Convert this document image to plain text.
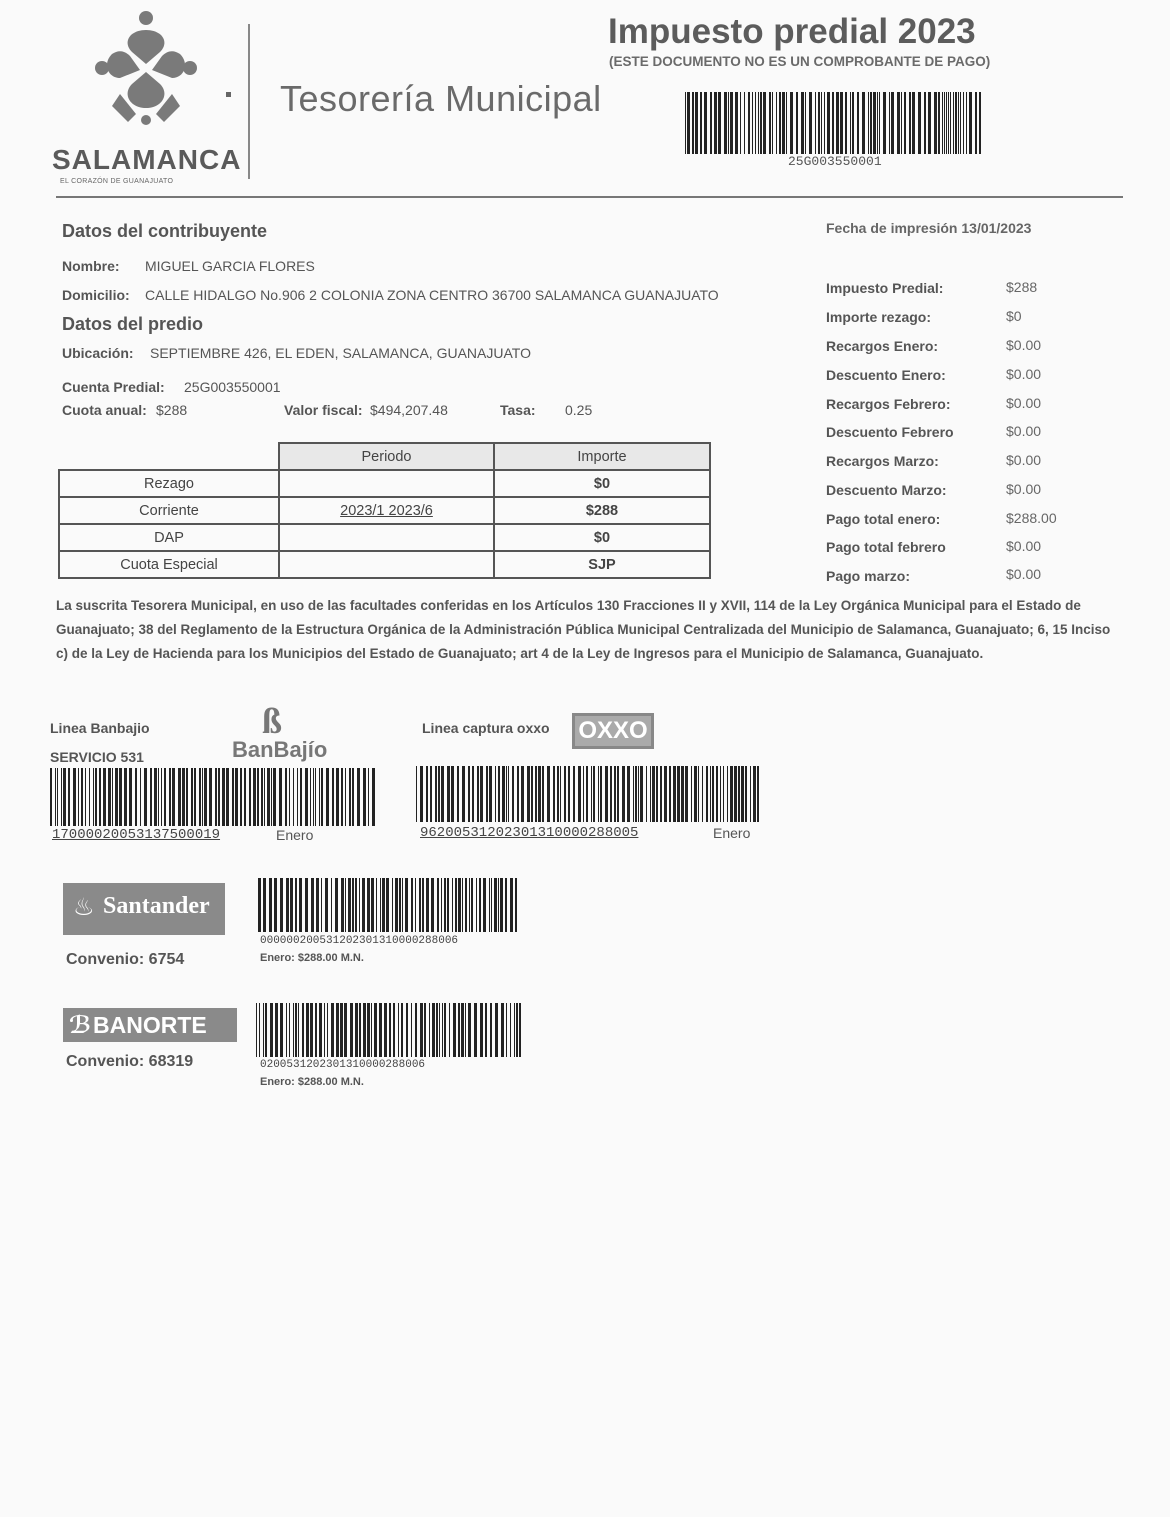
SALAMANCA
EL CORAZÓN DE GUANAJUATO
Tesorería Municipal
Impuesto predial 2023
(ESTE DOCUMENTO NO ES UN COMPROBANTE DE PAGO)
25G003550001
Datos del contribuyente
Nombre: MIGUEL GARCIA FLORES
Domicilio: CALLE HIDALGO No.906 2 COLONIA ZONA CENTRO 36700 SALAMANCA GUANAJUATO
Datos del predio
Ubicación: SEPTIEMBRE 426, EL EDEN, SALAMANCA, GUANAJUATO
Cuenta Predial: 25G003550001
Cuota anual: $288	Valor fiscal: $494,207.48	Tasa: 0.25
Fecha de impresión 13/01/2023
	Periodo	Importe
Rezago		$0
Corriente	2023/1 2023/6	$288
DAP		$0
Cuota Especial		SJP
Impuesto Predial:	$288
Importe rezago:	$0
Recargos Enero:	$0.00
Descuento Enero:	$0.00
Recargos Febrero:	$0.00
Descuento Febrero	$0.00
Recargos Marzo:	$0.00
Descuento Marzo:	$0.00
Pago total enero:	$288.00
Pago total febrero	$0.00
Pago marzo:	$0.00
La suscrita Tesorera Municipal, en uso de las facultades conferidas en los Artículos 130 Fracciones II y XVII, 114 de la Ley Orgánica Municipal para el Estado de Guanajuato; 38 del Reglamento de la Estructura Orgánica de la Administración Pública Municipal Centralizada del Municipio de Salamanca, Guanajuato; 6, 15 Inciso c) de la Ley de Hacienda para los Municipios del Estado de Guanajuato; art 4 de la Ley de Ingresos para el Municipio de Salamanca, Guanajuato.
Linea Banbajio
SERVICIO 531
ß
BanBajío
17000020053137500019	Enero
Linea captura oxxo OXXO
96200531202301310000288005	Enero
♨ Santander
Convenio: 6754
00000020053120230131000028800​6
Enero: $288.00 M.N.
ℬ BANORTE
Convenio: 68319	020053120230131000028800​6
Enero: $288.00 M.N.
